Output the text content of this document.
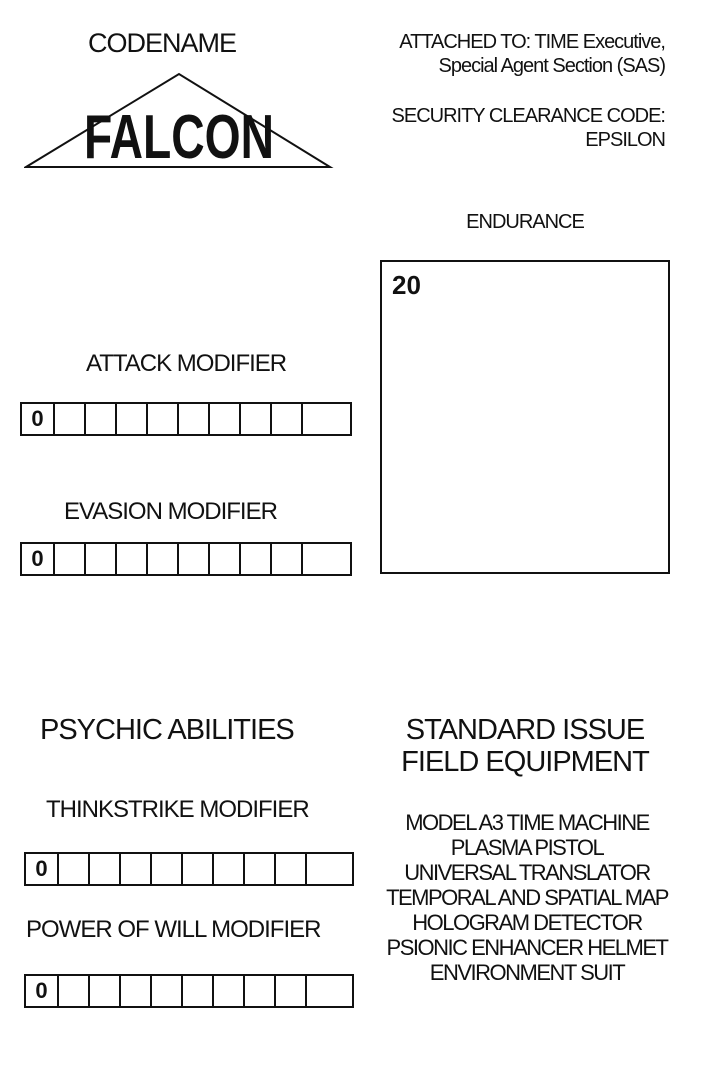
CODENAME
FALCON
ATTACHED TO: TIME Executive,
Special Agent Section (SAS)
SECURITY CLEARANCE CODE:
EPSILON
ENDURANCE
20
ATTACK MODIFIER
0
EVASION MODIFIER
0
PSYCHIC ABILITIES
THINKSTRIKE MODIFIER
0
POWER OF WILL MODIFIER
0
STANDARD ISSUE
FIELD EQUIPMENT
MODEL A3 TIME MACHINE
PLASMA PISTOL
UNIVERSAL TRANSLATOR
TEMPORAL AND SPATIAL MAP
HOLOGRAM DETECTOR
PSIONIC ENHANCER HELMET
ENVIRONMENT SUIT
